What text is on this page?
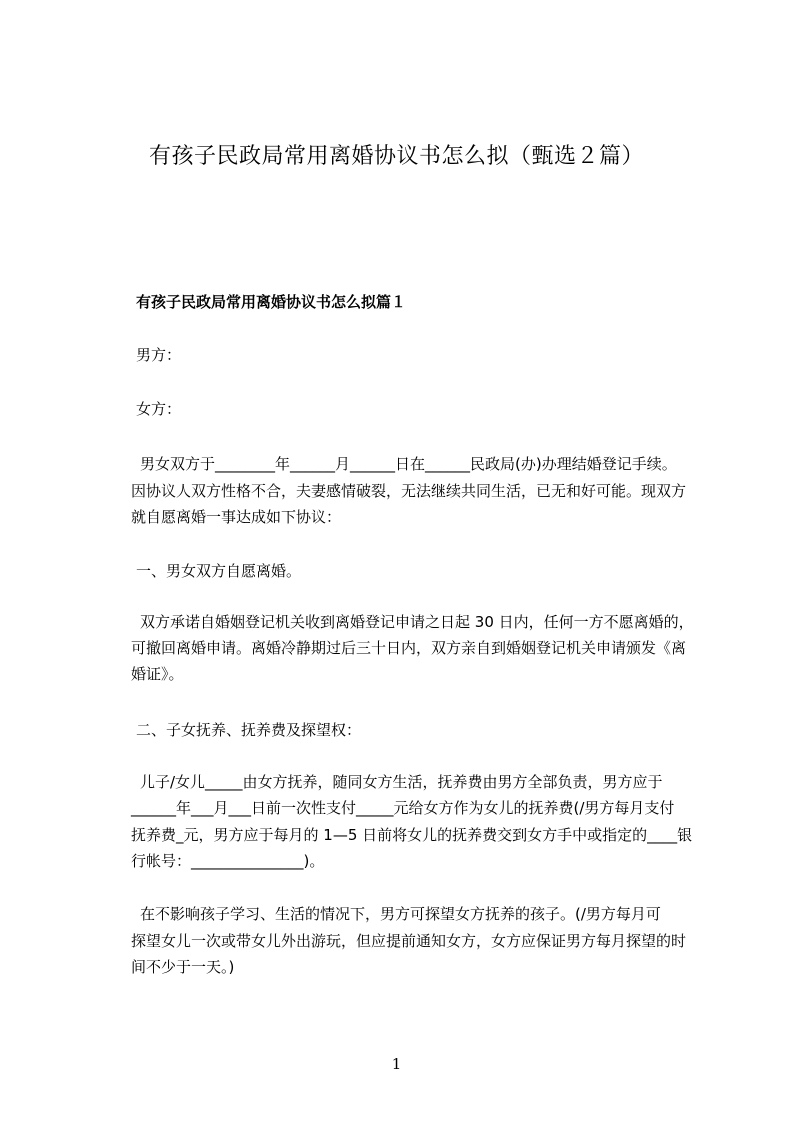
有孩子民政局常用离婚协议书怎么拟（甄选２篇）
有孩子民政局常用离婚协议书怎么拟篇１
男方：
女方：
男女双方于________年______月______日在______民政局(办)办理结婚登记手续。
因协议人双方性格不合，夫妻感情破裂，无法继续共同生活，已无和好可能。现双方
就自愿离婚一事达成如下协议：
一、男女双方自愿离婚。
双方承诺自婚姻登记机关收到离婚登记申请之日起 30 日内，任何一方不愿离婚的，
可撤回离婚申请。离婚冷静期过后三十日内，双方亲自到婚姻登记机关申请颁发《离
婚证》。
二、子女抚养、抚养费及探望权：
儿子/女儿_____由女方抚养，随同女方生活，抚养费由男方全部负责，男方应于
______年___月___日前一次性支付_____元给女方作为女儿的抚养费(/男方每月支付
抚养费_元，男方应于每月的 1—5 日前将女儿的抚养费交到女方手中或指定的____银
行帐号：_______________)。
在不影响孩子学习、生活的情况下，男方可探望女方抚养的孩子。(/男方每月可
探望女儿一次或带女儿外出游玩，但应提前通知女方，女方应保证男方每月探望的时
间不少于一天。)
1
